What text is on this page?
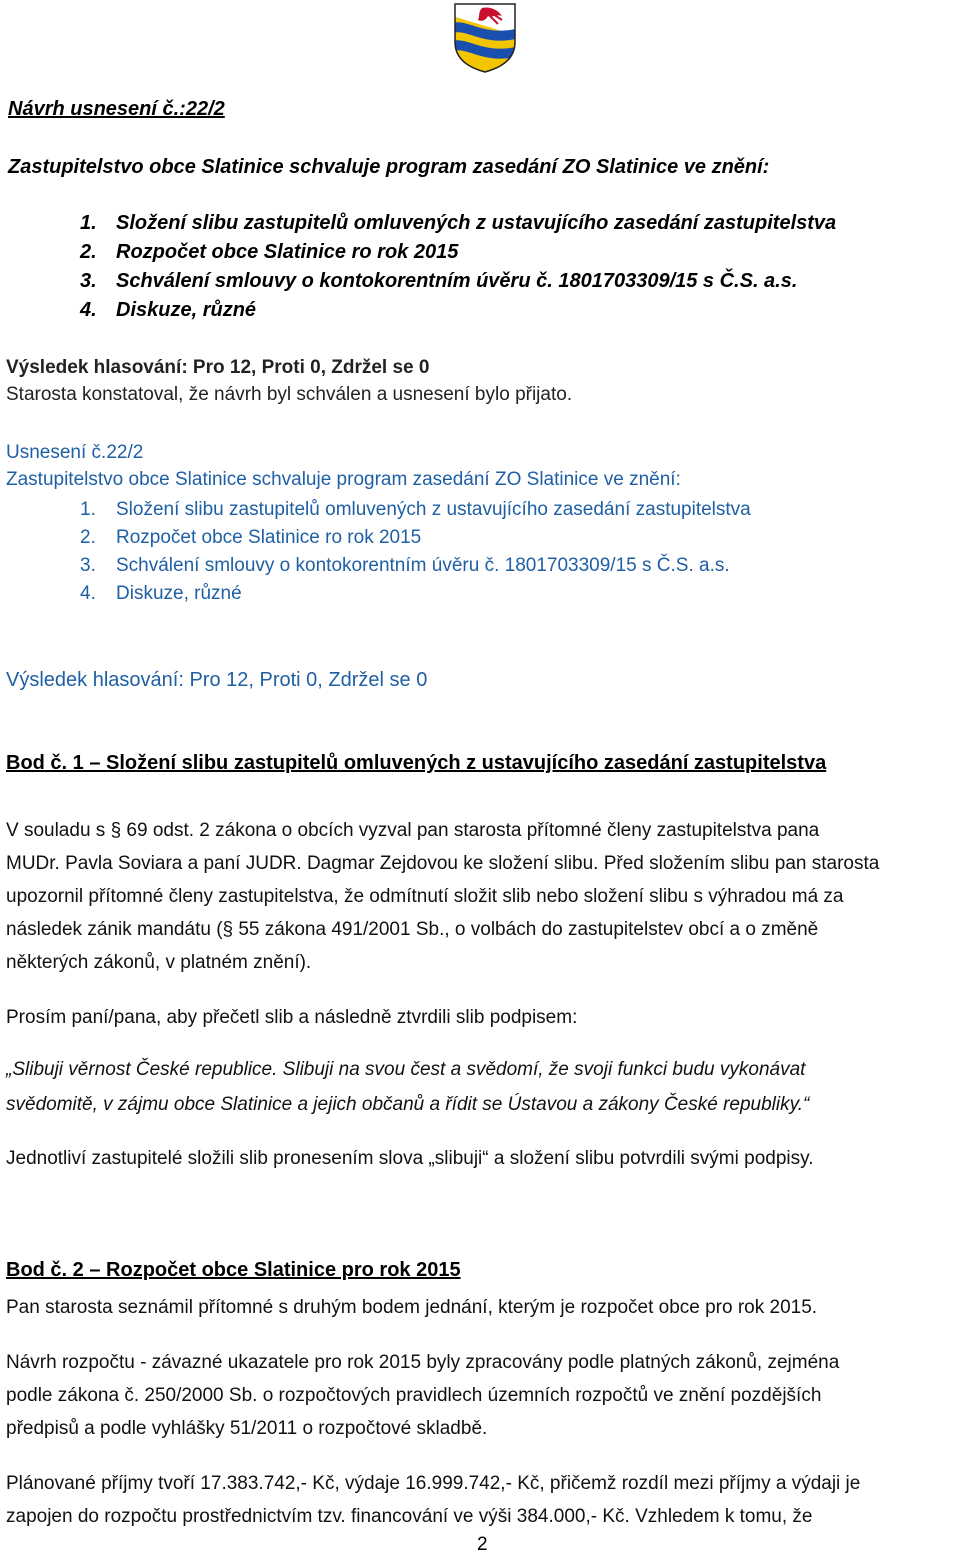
Návrh usnesení č.:22/2
Zastupitelstvo obce Slatinice schvaluje program zasedání ZO Slatinice ve znění:
1. Složení slibu zastupitelů omluvených z ustavujícího zasedání zastupitelstva
2. Rozpočet obce Slatinice ro rok 2015
3. Schválení smlouvy o kontokorentním úvěru č. 1801703309/15 s Č.S. a.s.
4. Diskuze, různé
Výsledek hlasování: Pro 12, Proti 0, Zdržel se 0
Starosta konstatoval, že návrh byl schválen a usnesení bylo přijato.
Usnesení č.22/2
Zastupitelstvo obce Slatinice schvaluje program zasedání ZO Slatinice ve znění:
1. Složení slibu zastupitelů omluvených z ustavujícího zasedání zastupitelstva
2. Rozpočet obce Slatinice ro rok 2015
3. Schválení smlouvy o kontokorentním úvěru č. 1801703309/15 s Č.S. a.s.
4. Diskuze, různé
Výsledek hlasování: Pro 12, Proti 0, Zdržel se 0
Bod č. 1 – Složení slibu zastupitelů omluvených z ustavujícího zasedání zastupitelstva
V souladu s § 69 odst. 2 zákona o obcích vyzval pan starosta přítomné členy zastupitelstva pana
MUDr. Pavla Soviara a paní JUDR. Dagmar Zejdovou ke složení slibu. Před složením slibu pan starosta
upozornil přítomné členy zastupitelstva, že odmítnutí složit slib nebo složení slibu s výhradou má za
následek zánik mandátu (§ 55 zákona 491/2001 Sb., o volbách do zastupitelstev obcí a o změně
některých zákonů, v platném znění).
Prosím paní/pana, aby přečetl slib a následně ztvrdili slib podpisem:
„Slibuji věrnost České republice. Slibuji na svou čest a svědomí, že svoji funkci budu vykonávat
svědomitě, v zájmu obce Slatinice a jejich občanů a řídit se Ústavou a zákony České republiky.“
Jednotliví zastupitelé složili slib pronesením slova „slibuji“ a složení slibu potvrdili svými podpisy.
Bod č. 2 – Rozpočet obce Slatinice pro rok 2015
Pan starosta seznámil přítomné s druhým bodem jednání, kterým je rozpočet obce pro rok 2015.
Návrh rozpočtu - závazné ukazatele pro rok 2015 byly zpracovány podle platných zákonů, zejména
podle zákona č. 250/2000 Sb. o rozpočtových pravidlech územních rozpočtů ve znění pozdějších
předpisů a podle vyhlášky 51/2011 o rozpočtové skladbě.
Plánované příjmy tvoří 17.383.742,- Kč, výdaje 16.999.742,- Kč, přičemž rozdíl mezi příjmy a výdaji je
zapojen do rozpočtu prostřednictvím tzv. financování ve výši 384.000,- Kč. Vzhledem k tomu, že
2
